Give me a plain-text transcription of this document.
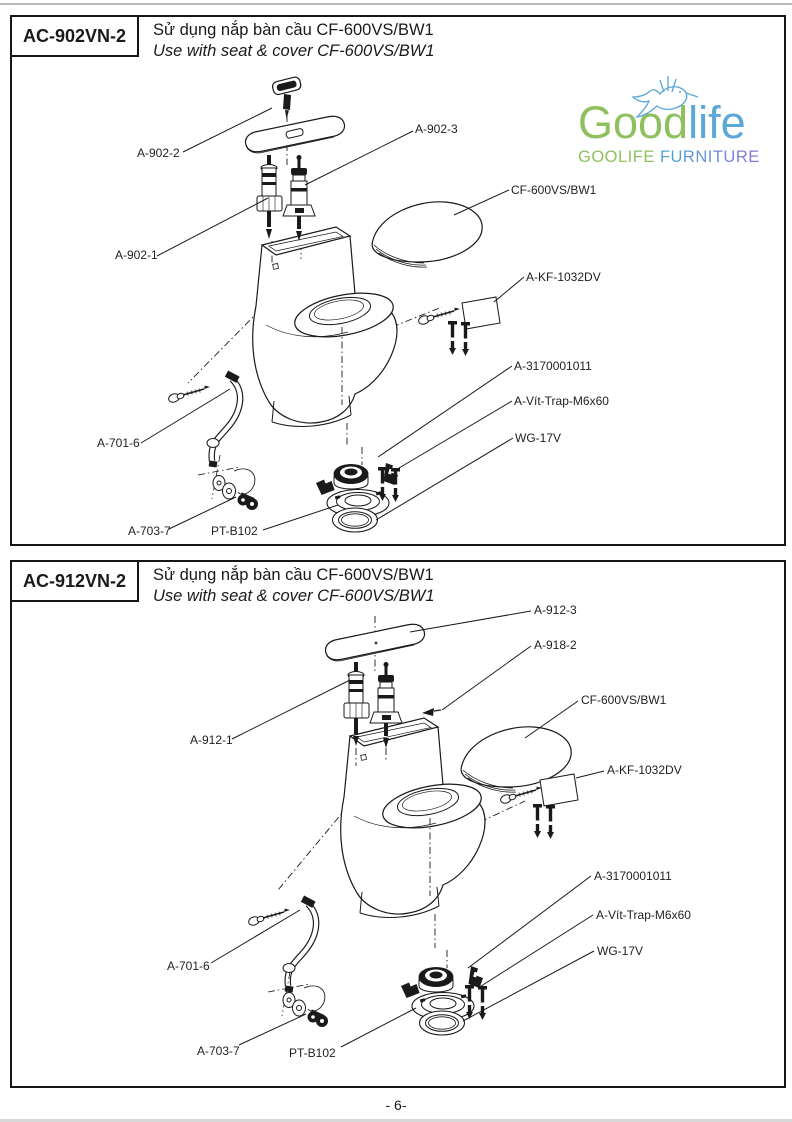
AC-902VN-2 Sử dụng nắp bàn cầu CF-600VS/BW1
Use with seat & cover CF-600VS/BW1
A-902-2
A-902-3
A-902-1
CF-600VS/BW1
A-KF-1032DV
A-3170001011
A-Vít-Trap-M6x60
WG-17V
A-701-6
A-703-7	PT-B102
Goodlife
GOOLIFE FURNITURE
AC-912VN-2 Sử dụng nắp bàn cầu CF-600VS/BW1
Use with seat & cover CF-600VS/BW1
A-912-3
A-918-2
A-912-1
CF-600VS/BW1
A-KF-1032DV
A-3170001011
A-Vít-Trap-M6x60
WG-17V
A-701-6
A-703-7	PT-B102
- 6-
